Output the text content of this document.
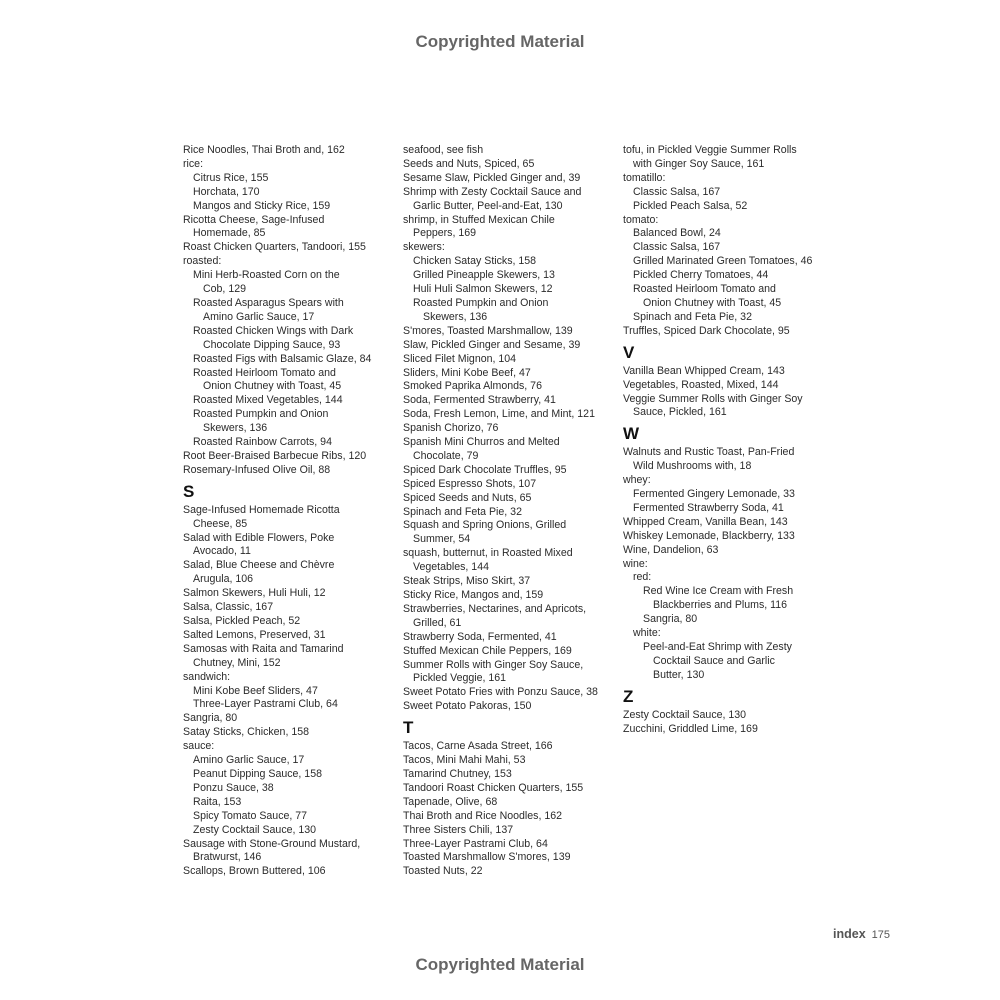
Copyrighted Material
Rice Noodles, Thai Broth and, 162
rice:
Citrus Rice, 155
Horchata, 170
Mangos and Sticky Rice, 159
Ricotta Cheese, Sage-Infused
Homemade, 85
Roast Chicken Quarters, Tandoori, 155
roasted:
Mini Herb-Roasted Corn on the
Cob, 129
Roasted Asparagus Spears with
Amino Garlic Sauce, 17
Roasted Chicken Wings with Dark
Chocolate Dipping Sauce, 93
Roasted Figs with Balsamic Glaze, 84
Roasted Heirloom Tomato and
Onion Chutney with Toast, 45
Roasted Mixed Vegetables, 144
Roasted Pumpkin and Onion
Skewers, 136
Roasted Rainbow Carrots, 94
Root Beer-Braised Barbecue Ribs, 120
Rosemary-Infused Olive Oil, 88
S
Sage-Infused Homemade Ricotta
Cheese, 85
Salad with Edible Flowers, Poke
Avocado, 11
Salad, Blue Cheese and Chèvre
Arugula, 106
Salmon Skewers, Huli Huli, 12
Salsa, Classic, 167
Salsa, Pickled Peach, 52
Salted Lemons, Preserved, 31
Samosas with Raita and Tamarind
Chutney, Mini, 152
sandwich:
Mini Kobe Beef Sliders, 47
Three-Layer Pastrami Club, 64
Sangria, 80
Satay Sticks, Chicken, 158
sauce:
Amino Garlic Sauce, 17
Peanut Dipping Sauce, 158
Ponzu Sauce, 38
Raita, 153
Spicy Tomato Sauce, 77
Zesty Cocktail Sauce, 130
Sausage with Stone-Ground Mustard,
Bratwurst, 146
Scallops, Brown Buttered, 106
seafood, see fish
Seeds and Nuts, Spiced, 65
Sesame Slaw, Pickled Ginger and, 39
Shrimp with Zesty Cocktail Sauce and
Garlic Butter, Peel-and-Eat, 130
shrimp, in Stuffed Mexican Chile
Peppers, 169
skewers:
Chicken Satay Sticks, 158
Grilled Pineapple Skewers, 13
Huli Huli Salmon Skewers, 12
Roasted Pumpkin and Onion
Skewers, 136
S'mores, Toasted Marshmallow, 139
Slaw, Pickled Ginger and Sesame, 39
Sliced Filet Mignon, 104
Sliders, Mini Kobe Beef, 47
Smoked Paprika Almonds, 76
Soda, Fermented Strawberry, 41
Soda, Fresh Lemon, Lime, and Mint, 121
Spanish Chorizo, 76
Spanish Mini Churros and Melted
Chocolate, 79
Spiced Dark Chocolate Truffles, 95
Spiced Espresso Shots, 107
Spiced Seeds and Nuts, 65
Spinach and Feta Pie, 32
Squash and Spring Onions, Grilled
Summer, 54
squash, butternut, in Roasted Mixed
Vegetables, 144
Steak Strips, Miso Skirt, 37
Sticky Rice, Mangos and, 159
Strawberries, Nectarines, and Apricots,
Grilled, 61
Strawberry Soda, Fermented, 41
Stuffed Mexican Chile Peppers, 169
Summer Rolls with Ginger Soy Sauce,
Pickled Veggie, 161
Sweet Potato Fries with Ponzu Sauce, 38
Sweet Potato Pakoras, 150
T
Tacos, Carne Asada Street, 166
Tacos, Mini Mahi Mahi, 53
Tamarind Chutney, 153
Tandoori Roast Chicken Quarters, 155
Tapenade, Olive, 68
Thai Broth and Rice Noodles, 162
Three Sisters Chili, 137
Three-Layer Pastrami Club, 64
Toasted Marshmallow S'mores, 139
Toasted Nuts, 22
tofu, in Pickled Veggie Summer Rolls
with Ginger Soy Sauce, 161
tomatillo:
Classic Salsa, 167
Pickled Peach Salsa, 52
tomato:
Balanced Bowl, 24
Classic Salsa, 167
Grilled Marinated Green Tomatoes, 46
Pickled Cherry Tomatoes, 44
Roasted Heirloom Tomato and
Onion Chutney with Toast, 45
Spinach and Feta Pie, 32
Truffles, Spiced Dark Chocolate, 95
V
Vanilla Bean Whipped Cream, 143
Vegetables, Roasted, Mixed, 144
Veggie Summer Rolls with Ginger Soy
Sauce, Pickled, 161
W
Walnuts and Rustic Toast, Pan-Fried
Wild Mushrooms with, 18
whey:
Fermented Gingery Lemonade, 33
Fermented Strawberry Soda, 41
Whipped Cream, Vanilla Bean, 143
Whiskey Lemonade, Blackberry, 133
Wine, Dandelion, 63
wine:
red:
Red Wine Ice Cream with Fresh
Blackberries and Plums, 116
Sangria, 80
white:
Peel-and-Eat Shrimp with Zesty
Cocktail Sauce and Garlic
Butter, 130
Z
Zesty Cocktail Sauce, 130
Zucchini, Griddled Lime, 169
index 175
Copyrighted Material
